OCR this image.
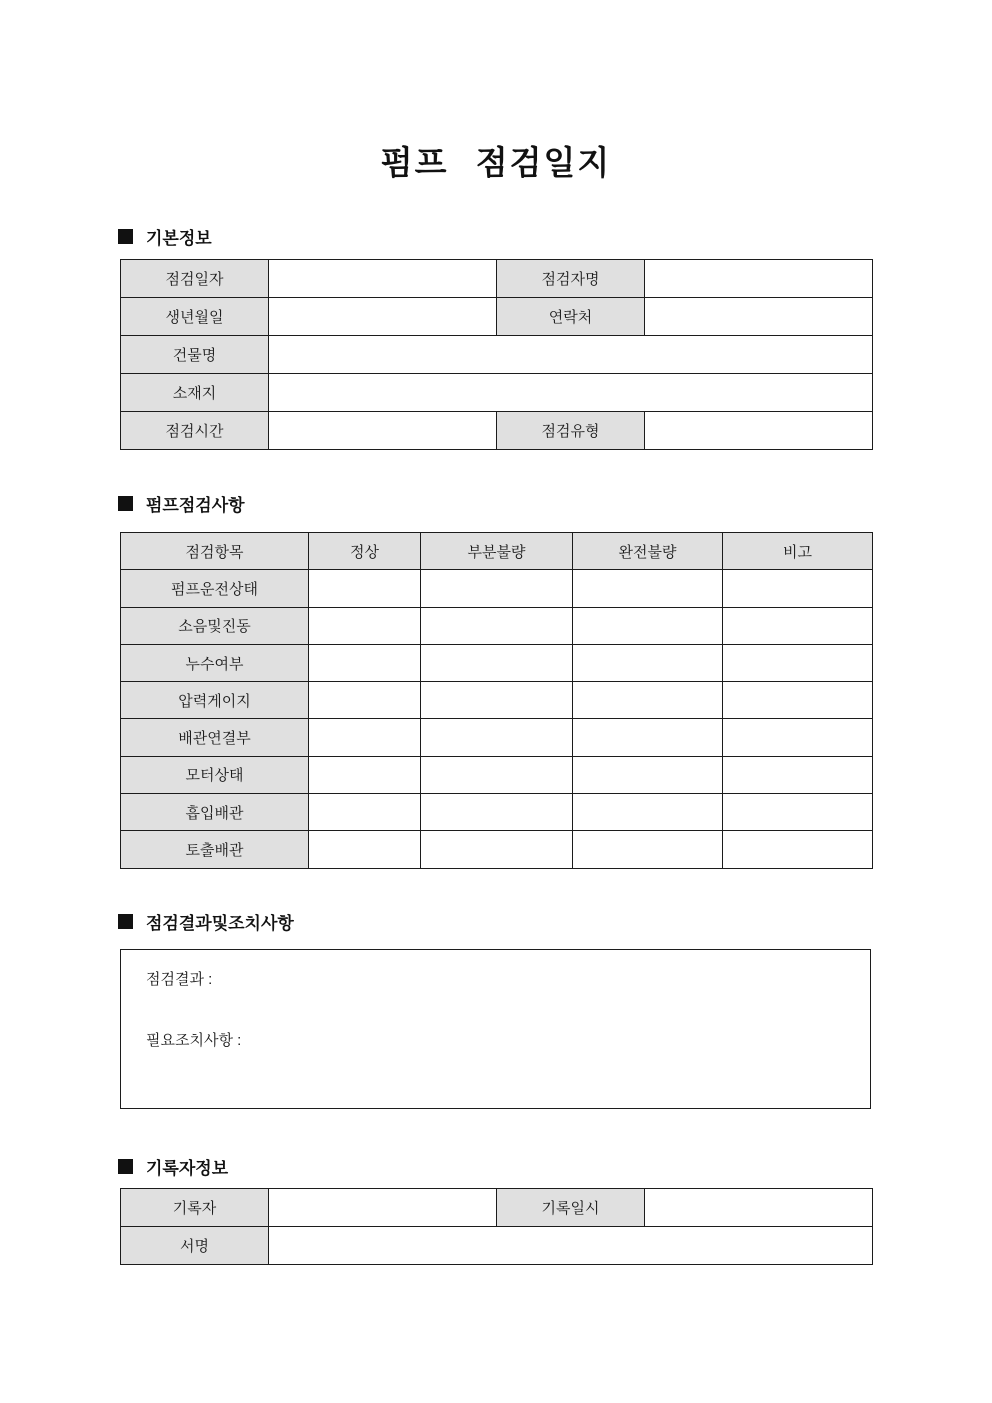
펌프 점검일지
기본정보
점검일자		점검자명	
생년월일		연락처	
건물명			
소재지			
점검시간		점검유형	
펌프점검사항
점검항목	정상	부분불량	완전불량	비고
펌프운전상태				
소음및진동				
누수여부				
압력게이지				
배관연결부				
모터상태				
흡입배관				
토출배관				
점검결과및조치사항

점검결과 :

필요조치사항 :

기록자정보
기록자		기록일시	
서명			
